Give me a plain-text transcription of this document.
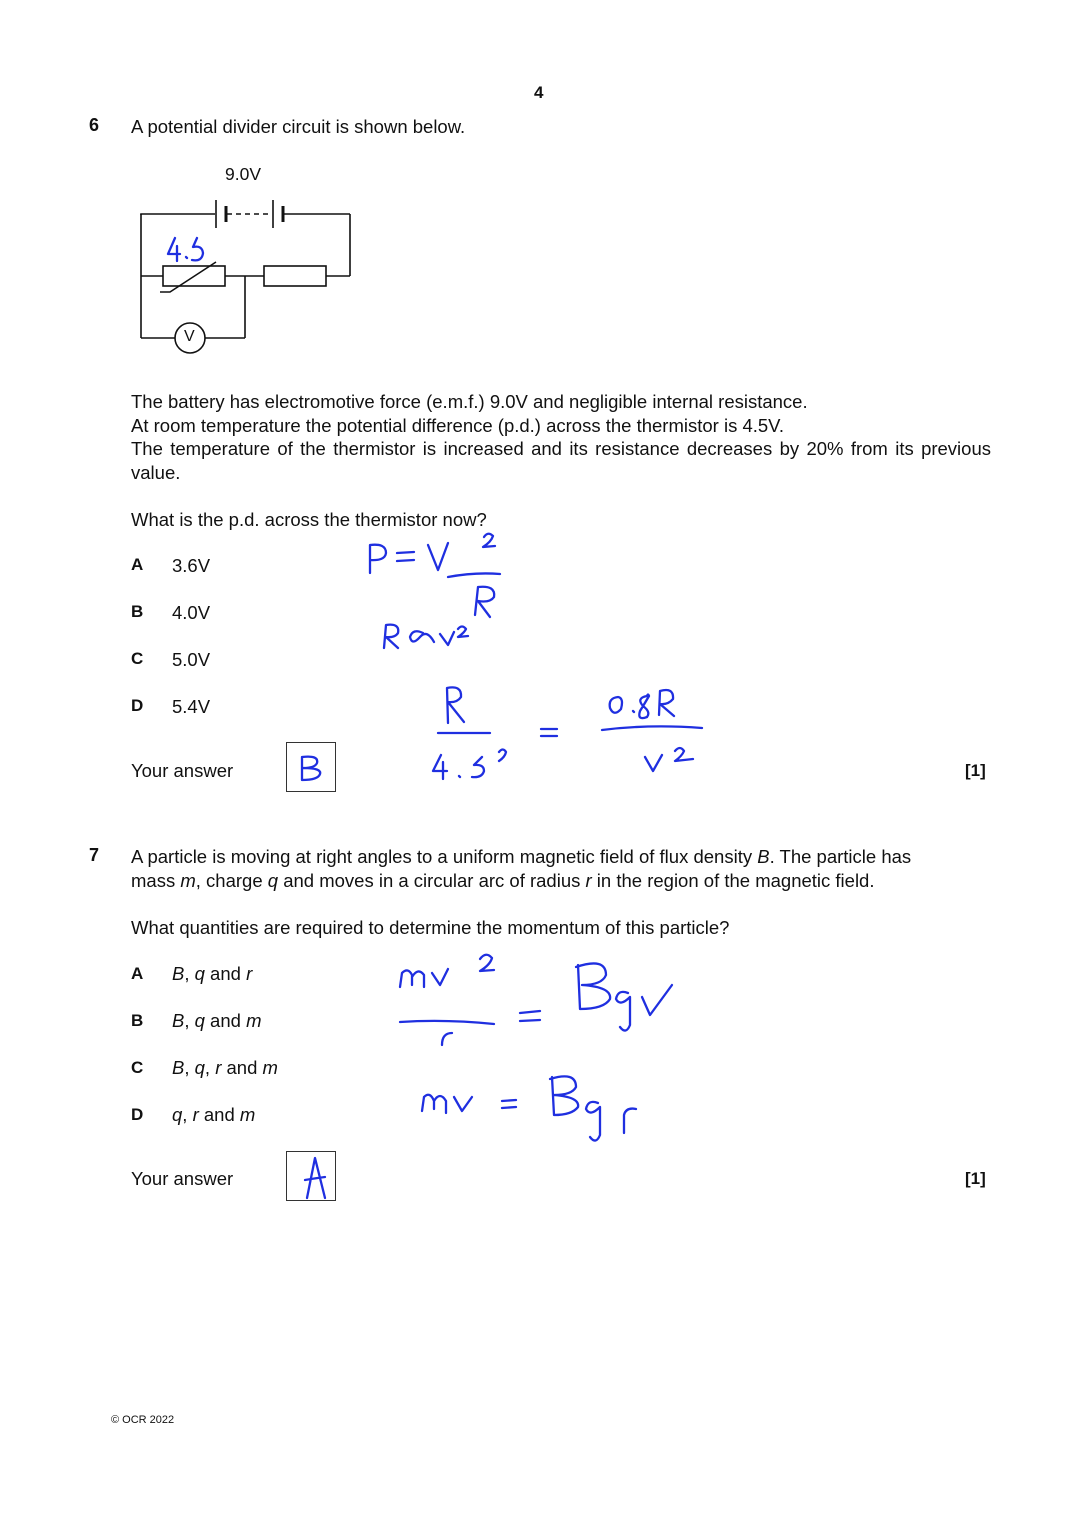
4
6 A potential divider circuit is shown below.
9.0V
V
The battery has electromotive force (e.m.f.) 9.0V and negligible internal resistance.
At room temperature the potential difference (p.d.) across the thermistor is 4.5V.
The temperature of the thermistor is increased and its resistance decreases by 20% from its previous value.
What is the p.d. across the thermistor now?
A 3.6V
B 4.0V
C 5.0V
D 5.4V
Your answer	[1]
7 A particle is moving at right angles to a uniform magnetic field of flux density B. The particle has
mass m, charge q and moves in a circular arc of radius r in the region of the magnetic field.
What quantities are required to determine the momentum of this particle?
A B, q and r
B B, q and m
C B, q, r and m
D q, r and m
Your answer	[1]
© OCR 2022
